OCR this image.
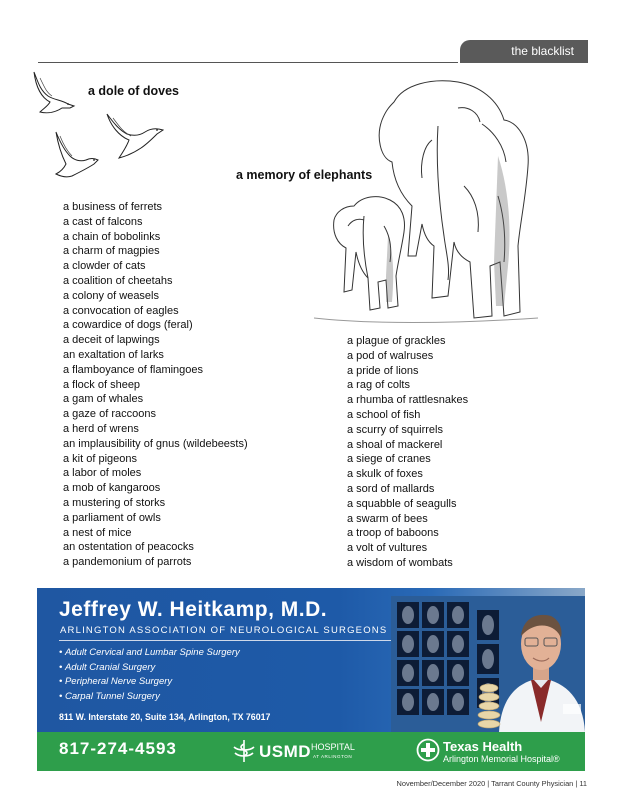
the blacklist
a dole of doves
a memory of elephants
a business of ferrets
a cast of falcons
a chain of bobolinks
a charm of magpies
a clowder of cats
a coalition of cheetahs
a colony of weasels
a convocation of eagles
a cowardice of dogs (feral)
a deceit of lapwings
an exaltation of larks
a flamboyance of flamingoes
a flock of sheep
a gam of whales
a gaze of raccoons
a herd of wrens
an implausibility of gnus (wildebeests)
a kit of pigeons
a labor of moles
a mob of kangaroos
a mustering of storks
a parliament of owls
a nest of mice
an ostentation of peacocks
a pandemonium of parrots
a plague of grackles
a pod of walruses
a pride of lions
a rag of colts
a rhumba of rattlesnakes
a school of fish
a scurry of squirrels
a shoal of mackerel
a siege of cranes
a skulk of foxes
a sord of mallards
a squabble of seagulls
a swarm of bees
a troop of baboons
a volt of vultures
a wisdom of wombats
Jeffrey W. Heitkamp, M.D.
ARLINGTON ASSOCIATION OF NEUROLOGICAL SURGEONS
• Adult Cervical and Lumbar Spine Surgery
• Adult Cranial Surgery
• Peripheral Nerve Surgery
• Carpal Tunnel Surgery
811 W. Interstate 20, Suite 134, Arlington, TX 76017
817-274-4593	USMD HOSPITAL
AT ARLINGTON
Texas Health
Arlington Memorial Hospital®
November/December 2020 | Tarrant County Physician | 11
